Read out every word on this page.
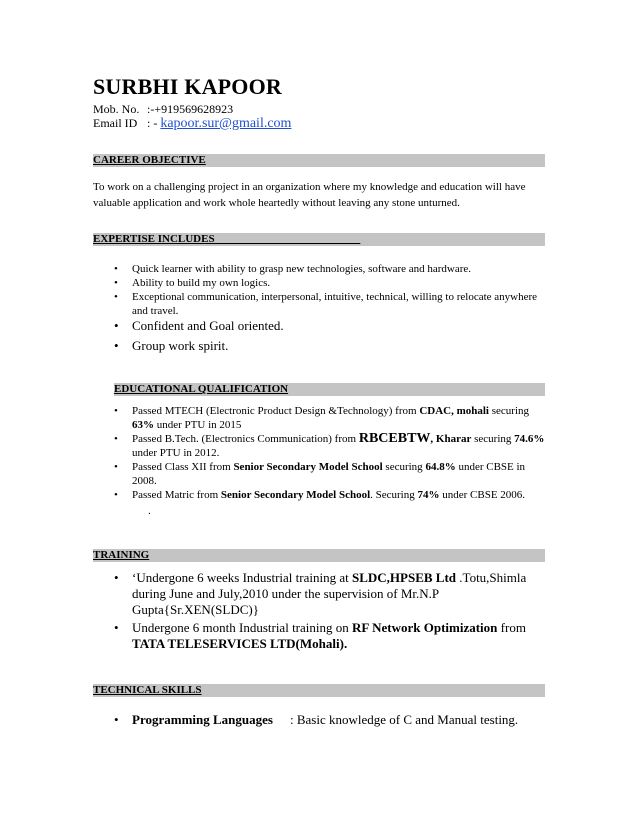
SURBHI KAPOOR
Mob. No. :-+919569628923
Email ID : - kapoor.sur@gmail.com
CAREER OBJECTIVE
To work on a challenging project in an organization where my knowledge and education will have valuable application and work whole heartedly without leaving any stone unturned.
EXPERTISE INCLUDES
• Quick learner with ability to grasp new technologies, software and hardware.
• Ability to build my own logics.
• Exceptional communication, interpersonal, intuitive, technical, willing to relocate anywhere and travel.
• Confident and Goal oriented.
• Group work spirit.
EDUCATIONAL QUALIFICATION
• Passed MTECH (Electronic Product Design &Technology) from CDAC, mohali securing 63% under PTU in 2015
• Passed B.Tech. (Electronics Communication) from RBCEBTW, Kharar securing 74.6% under PTU in 2012.
• Passed Class XII from Senior Secondary Model School securing 64.8% under CBSE in 2008.
• Passed Matric from Senior Secondary Model School. Securing 74% under CBSE 2006.
.
TRAINING
• ‘Undergone 6 weeks Industrial training at SLDC,HPSEB Ltd .Totu,Shimla during June and July,2010 under the supervision of Mr.N.P Gupta{Sr.XEN(SLDC)}
• Undergone 6 month Industrial training on RF Network Optimization from TATA TELESERVICES LTD(Mohali).
TECHNICAL SKILLS
• Programming Languages : Basic knowledge of C and Manual testing.
